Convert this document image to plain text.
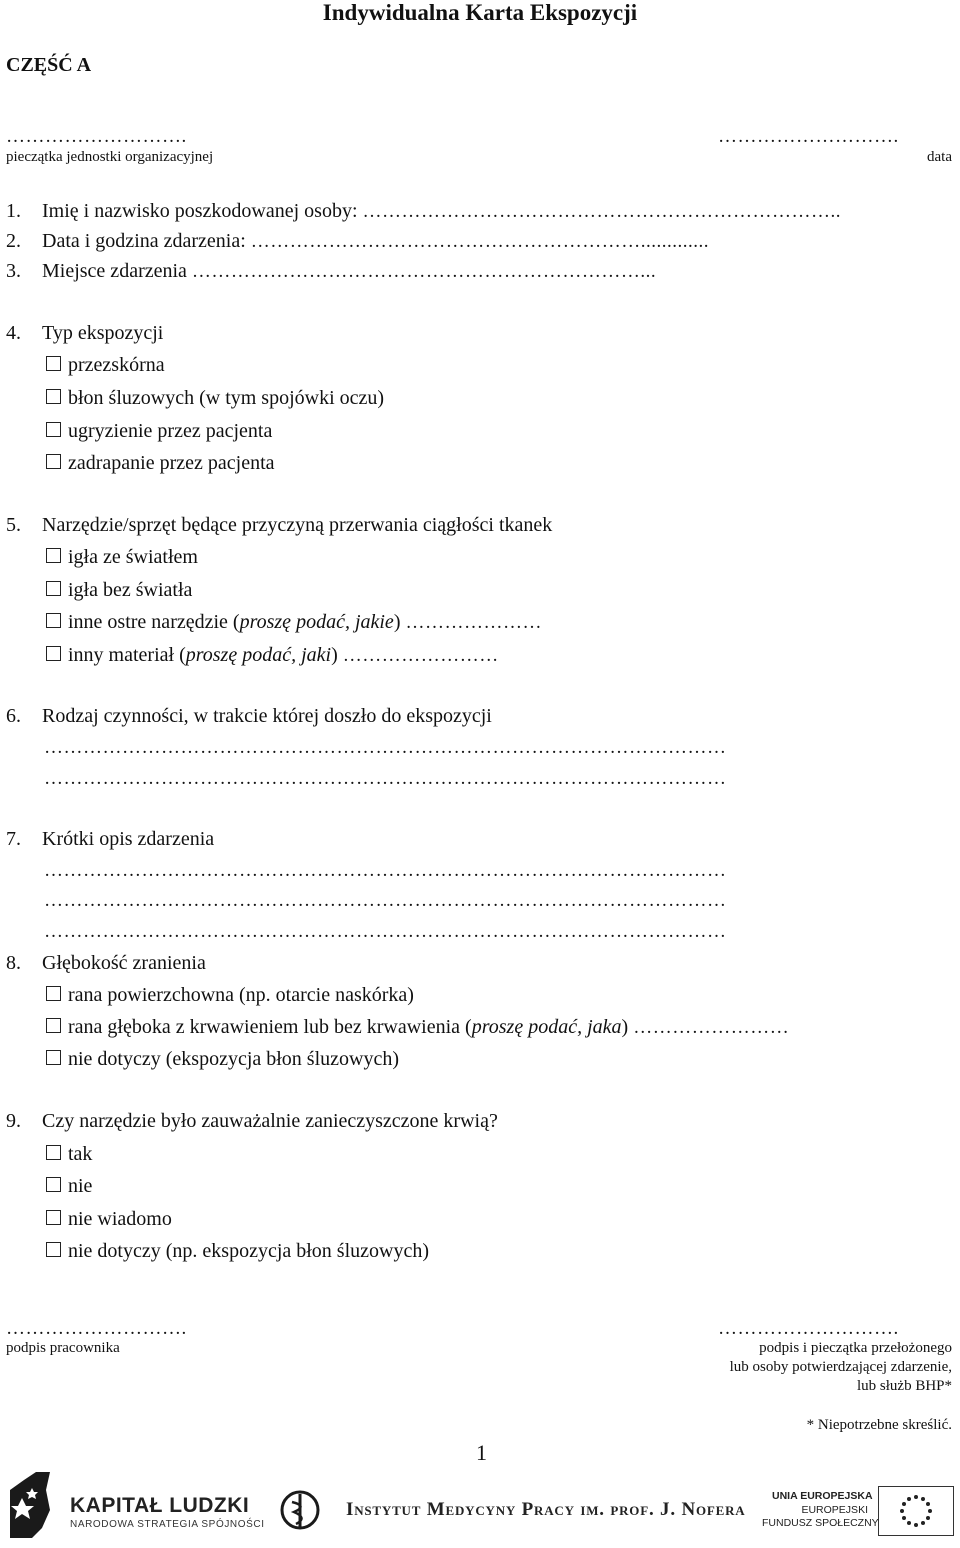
Indywidualna Karta Ekspozycji
CZĘŚĆ A
……………………….
pieczątka jednostki organizacyjnej
……………………….
data
1. Imię i nazwisko poszkodowanej osoby: ………………………………………………………………..
2. Data i godzina zdarzenia: …………………………………………………….............
3. Miejsce zdarzenia ……………………………………………………………...
4. Typ ekspozycji
przezskórna
błon śluzowych (w tym spojówki oczu)
ugryzienie przez pacjenta
zadrapanie przez pacjenta
5. Narzędzie/sprzęt będące przyczyną przerwania ciągłości tkanek
igła ze światłem
igła bez światła
inne ostre narzędzie (proszę podać, jakie) …………………
inny materiał (proszę podać, jaki) ……………………
6. Rodzaj czynności, w trakcie której doszło do ekspozycji
……………………………………………………………………………………………
……………………………………………………………………………………………
7. Krótki opis zdarzenia
……………………………………………………………………………………………
……………………………………………………………………………………………
……………………………………………………………………………………………
8. Głębokość zranienia
rana powierzchowna (np. otarcie naskórka)
rana głęboka z krwawieniem lub bez krwawienia (proszę podać, jaka) ……………………
nie dotyczy (ekspozycja błon śluzowych)
9. Czy narzędzie było zauważalnie zanieczyszczone krwią?
tak
nie
nie wiadomo
nie dotyczy (np. ekspozycja błon śluzowych)
……………………….
podpis pracownika
……………………….
podpis i pieczątka przełożonego
lub osoby potwierdzającej zdarzenie,
lub służb BHP*
* Niepotrzebne skreślić.
1
KAPITAŁ LUDZKI
NARODOWA STRATEGIA SPÓJNOŚCI
Instytut Medycyny Pracy im. prof. J. Nofera
UNIA EUROPEJSKA
EUROPEJSKI
FUNDUSZ SPOŁECZNY
